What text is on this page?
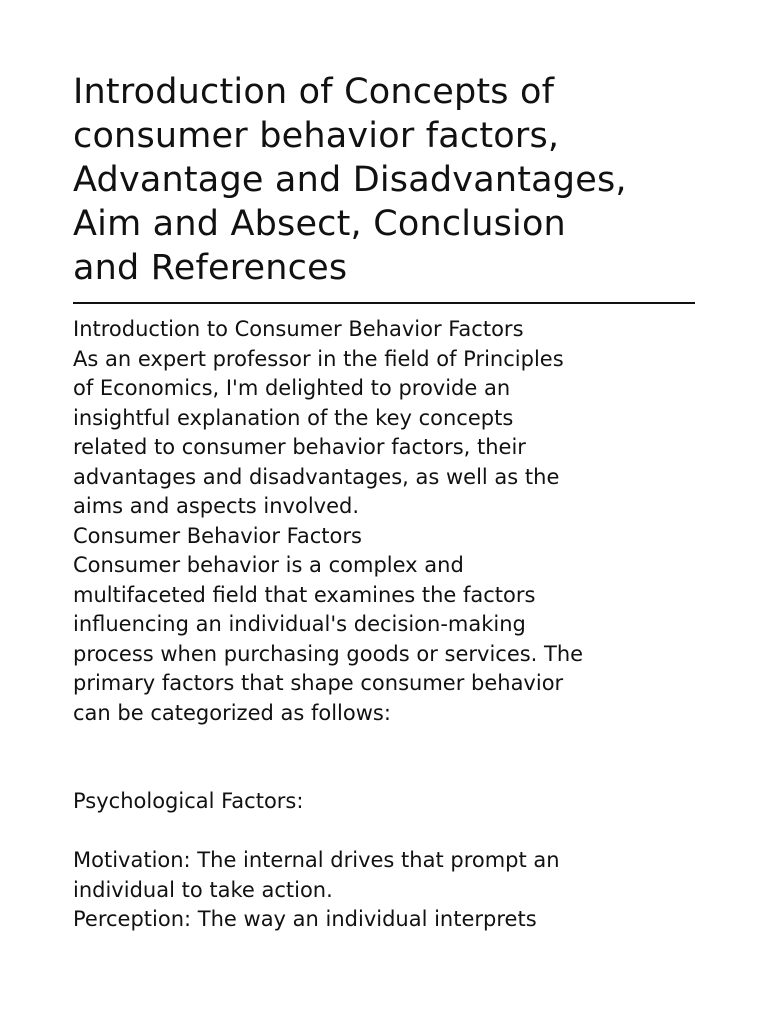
Introduction of Concepts of
consumer behavior factors,
Advantage and Disadvantages,
Aim and Absect, Conclusion
and References
Introduction to Consumer Behavior Factors
As an expert professor in the field of Principles
of Economics, I'm delighted to provide an
insightful explanation of the key concepts
related to consumer behavior factors, their
advantages and disadvantages, as well as the
aims and aspects involved.
Consumer Behavior Factors
Consumer behavior is a complex and
multifaceted field that examines the factors
influencing an individual's decision-making
process when purchasing goods or services. The
primary factors that shape consumer behavior
can be categorized as follows:
Psychological Factors:
Motivation: The internal drives that prompt an
individual to take action.
Perception: The way an individual interprets
